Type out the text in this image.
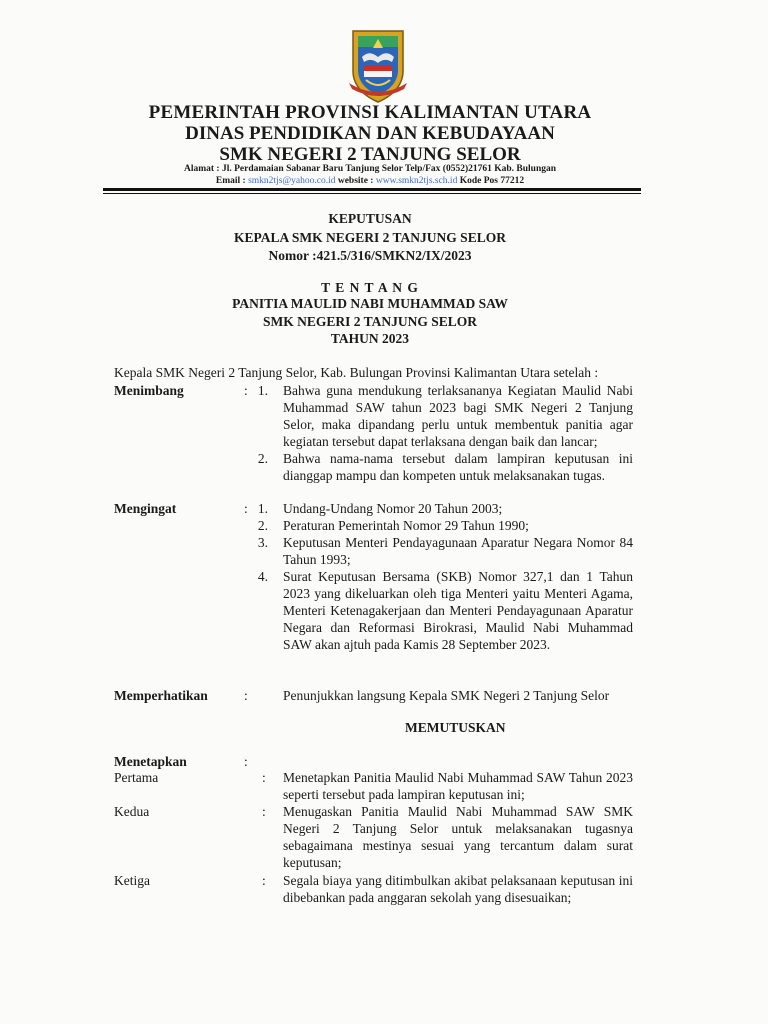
PEMERINTAH PROVINSI KALIMANTAN UTARA
DINAS PENDIDIKAN DAN KEBUDAYAAN
SMK NEGERI 2 TANJUNG SELOR
Alamat : Jl. Perdamaian Sabanar Baru Tanjung Selor Telp/Fax (0552)21761 Kab. Bulungan
Email : smkn2tjs@yahoo.co.id website : www.smkn2tjs.sch.id Kode Pos 77212
KEPUTUSAN
KEPALA SMK NEGERI 2 TANJUNG SELOR
Nomor :421.5/316/SMKN2/IX/2023
T E N T A N G
PANITIA MAULID NABI MUHAMMAD SAW
SMK NEGERI 2 TANJUNG SELOR
TAHUN 2023
Kepala SMK Negeri 2 Tanjung Selor, Kab. Bulungan Provinsi Kalimantan Utara setelah :
Menimbang	: 1. Bahwa guna mendukung terlaksananya Kegiatan Maulid Nabi Muhammad SAW tahun 2023 bagi SMK Negeri 2 Tanjung Selor, maka dipandang perlu untuk membentuk panitia agar kegiatan tersebut dapat terlaksana dengan baik dan lancar;
2. Bahwa nama-nama tersebut dalam lampiran keputusan ini dianggap mampu dan kompeten untuk melaksanakan tugas.
Mengingat	: 1. Undang-Undang Nomor 20 Tahun 2003;
2. Peraturan Pemerintah Nomor 29 Tahun 1990;
3. Keputusan Menteri Pendayagunaan Aparatur Negara Nomor 84 Tahun 1993;
4. Surat Keputusan Bersama (SKB) Nomor 327,1 dan 1 Tahun 2023 yang dikeluarkan oleh tiga Menteri yaitu Menteri Agama, Menteri Ketenagakerjaan dan Menteri Pendayagunaan Aparatur Negara dan Reformasi Birokrasi, Maulid Nabi Muhammad SAW akan ajtuh pada Kamis 28 September 2023.
Memperhatikan	:	Penunjukkan langsung Kepala SMK Negeri 2 Tanjung Selor
MEMUTUSKAN
Menetapkan	:
Pertama	: Menetapkan Panitia Maulid Nabi Muhammad SAW Tahun 2023 seperti tersebut pada lampiran keputusan ini;
Kedua	: Menugaskan Panitia Maulid Nabi Muhammad SAW SMK Negeri 2 Tanjung Selor untuk melaksanakan tugasnya sebagaimana mestinya sesuai yang tercantum dalam surat keputusan;
Ketiga	: Segala biaya yang ditimbulkan akibat pelaksanaan keputusan ini dibebankan pada anggaran sekolah yang disesuaikan;
